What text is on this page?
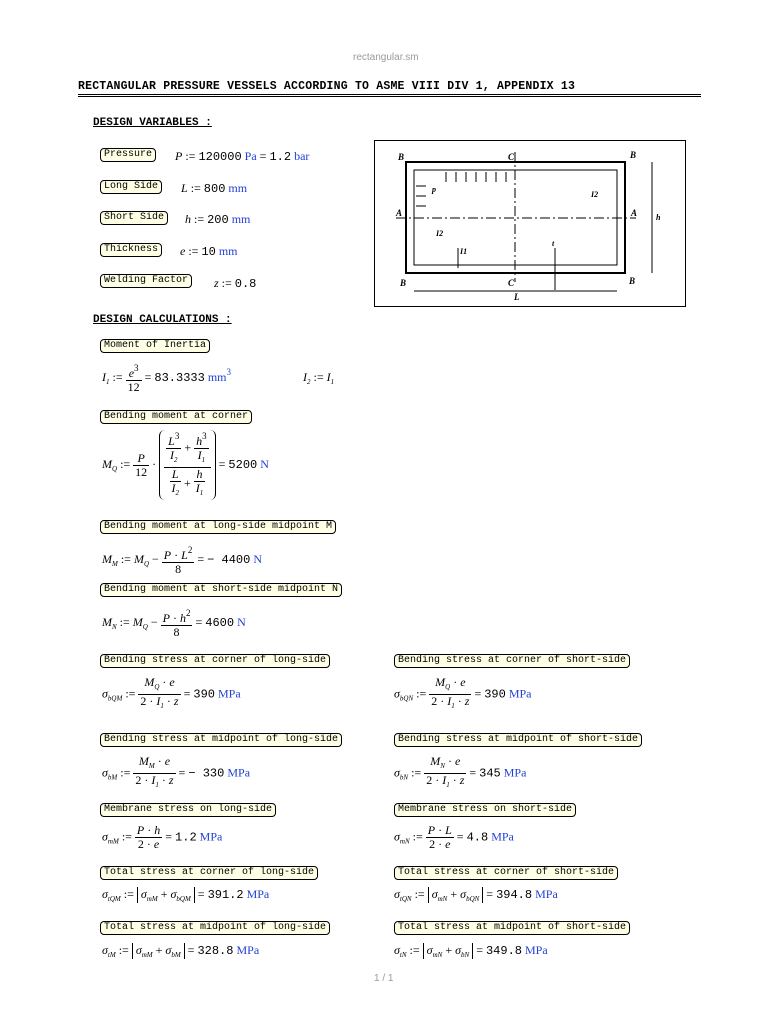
rectangular.sm
RECTANGULAR PRESSURE VESSELS ACCORDING TO ASME VIII DIV 1, APPENDIX 13
DESIGN VARIABLES :
Pressure	P := 120000 Pa = 1.2 bar
Long Side	L := 800 mm
Short Side	h := 200 mm
Thickness	e := 10 mm
Welding Factor	z := 0.8
B	C	B
A	A
B	C	B
p
I2
I2
I1
t
h
L
DESIGN CALCULATIONS :
Moment of Inertia
$I_1$ := $\frac{e^3}{12} = 83.3333$ $mm^3$	$I_2$ := $I_1$
Bending moment at corner
$M_Q$ := $\frac{P}{12} \cdot \frac{\frac{L^3}{I_2} + \frac{h^3}{I_1}}{\frac{L}{I_2} + \frac{h}{I_1}} = 5200$ N
Bending moment at long-side midpoint M
$M_M$ := $M_Q - \frac{P \cdot L^2}{8}$ = − 4400 N
Bending moment at short-side midpoint N
$M_N$ := $M_Q - \frac{P \cdot h^2}{8} = 4600$ N
Bending stress at corner of long-side
$\sigma_{bQM}$ := $\frac{M_Q \cdot e}{2 \cdot I_1 \cdot z} = 390$ MPa
Bending stress at corner of short-side
$\sigma_{bQN}$ := $\frac{M_Q \cdot e}{2 \cdot I_1 \cdot z} = 390$ MPa
Bending stress at midpoint of long-side
$\sigma_{bM}$ := $\frac{M_M \cdot e}{2 \cdot I_1 \cdot z}$ = − 330 MPa
Bending stress at midpoint of short-side
$\sigma_{bN}$ := $\frac{M_N \cdot e}{2 \cdot I_1 \cdot z} = 345$ MPa
Membrane stress on long-side
$\sigma_{mM}$ := $\frac{P \cdot h}{2 \cdot e} = 1.2$ MPa
Membrane stress on short-side
$\sigma_{mN}$ := $\frac{P \cdot L}{2 \cdot e} = 4.8$ MPa
Total stress at corner of long-side
$\sigma_{tQM}$ := $\sigma_{mM} + \sigma_{bQM} = 391.2$ MPa
Total stress at corner of short-side
$\sigma_{tQN}$ := $\sigma_{mN} + \sigma_{bQN} = 394.8$ MPa
Total stress at midpoint of long-side
$\sigma_{tM}$ := $\sigma_{mM} + \sigma_{bM} = 328.8$ MPa
Total stress at midpoint of short-side
$\sigma_{tN}$ := $\sigma_{mN} + \sigma_{bN} = 349.8$ MPa
1 / 1
